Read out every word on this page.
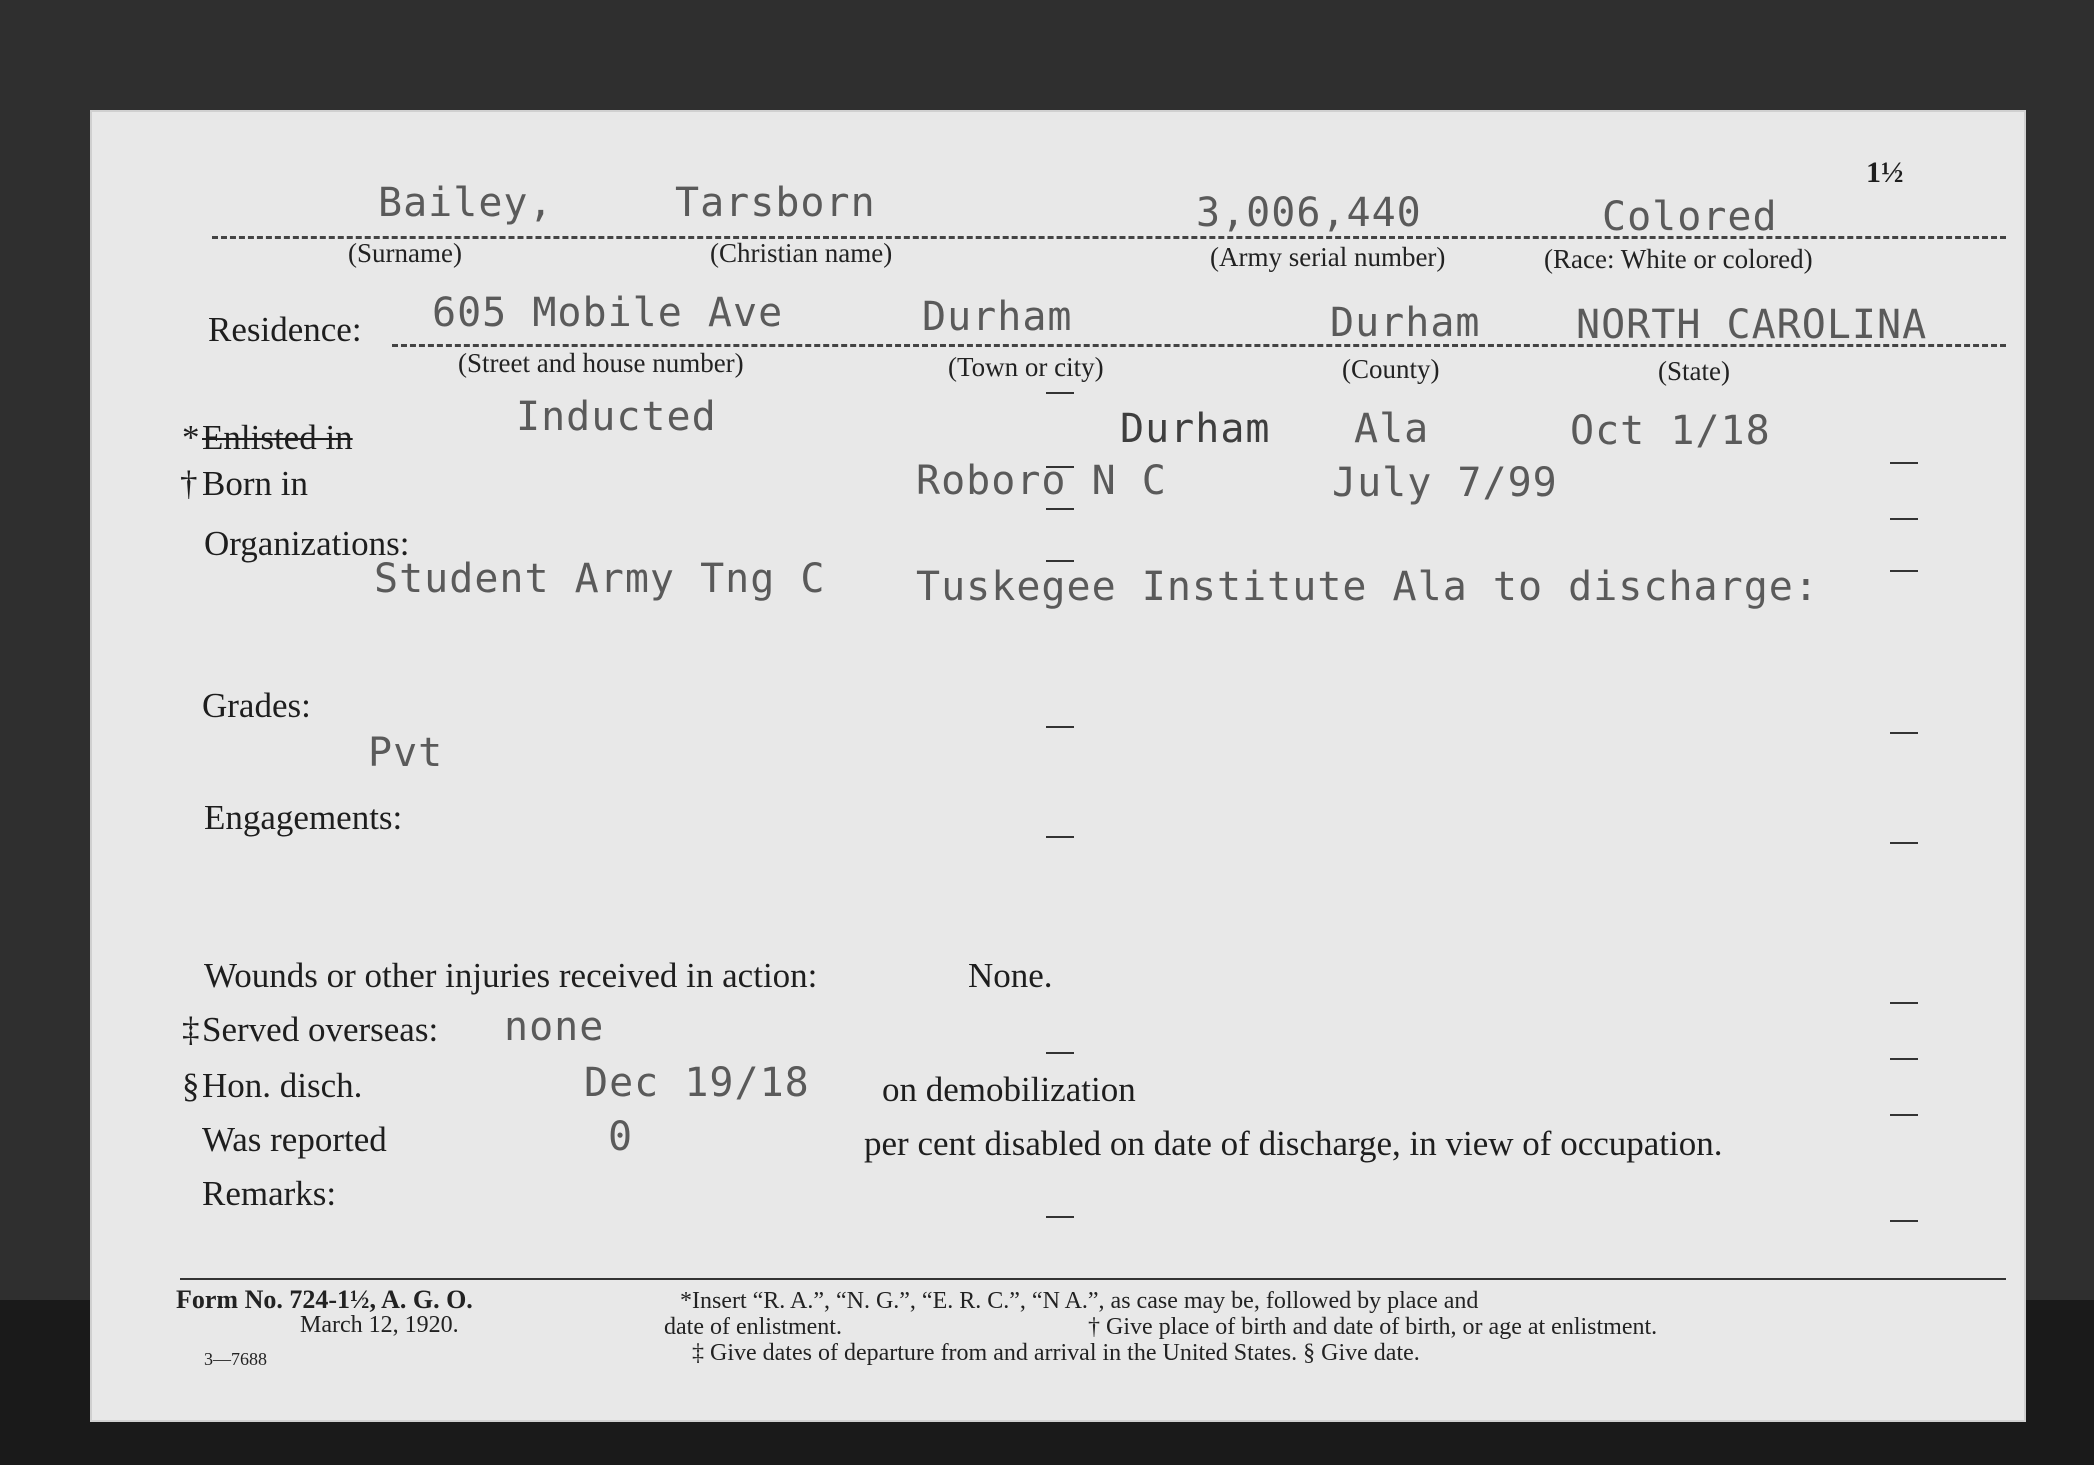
1½
Bailey,	Tarsborn	3,006,440	Colored
(Surname)	(Christian name)	(Army serial number)	(Race: White or colored)
Residence: 605 Mobile Ave	Durham	Durham NORTH CAROLINA
(Street and house number)	(Town or city)	(County)	(State)
* Enlisted in	Inducted	Durham Ala	Oct 1/18
† Born in	Roboro N C	July 7/99
Organizations:
Student Army Tng C Tuskegee Institute Ala to discharge:
Grades:
Pvt
Engagements:
Wounds or other injuries received in action:	None.
‡ Served overseas: none
§ Hon. disch.	Dec 19/18 on demobilization
Was reported	0	per cent disabled on date of discharge, in view of occupation.
Remarks:
Form No. 724-1½, A. G. O.
March 12, 1920.
3—7688
*Insert “R. A.”, “N. G.”, “E. R. C.”, “N A.”, as case may be, followed by place and
date of enlistment.	† Give place of birth and date of birth, or age at enlistment.
‡ Give dates of departure from and arrival in the United States. § Give date.
